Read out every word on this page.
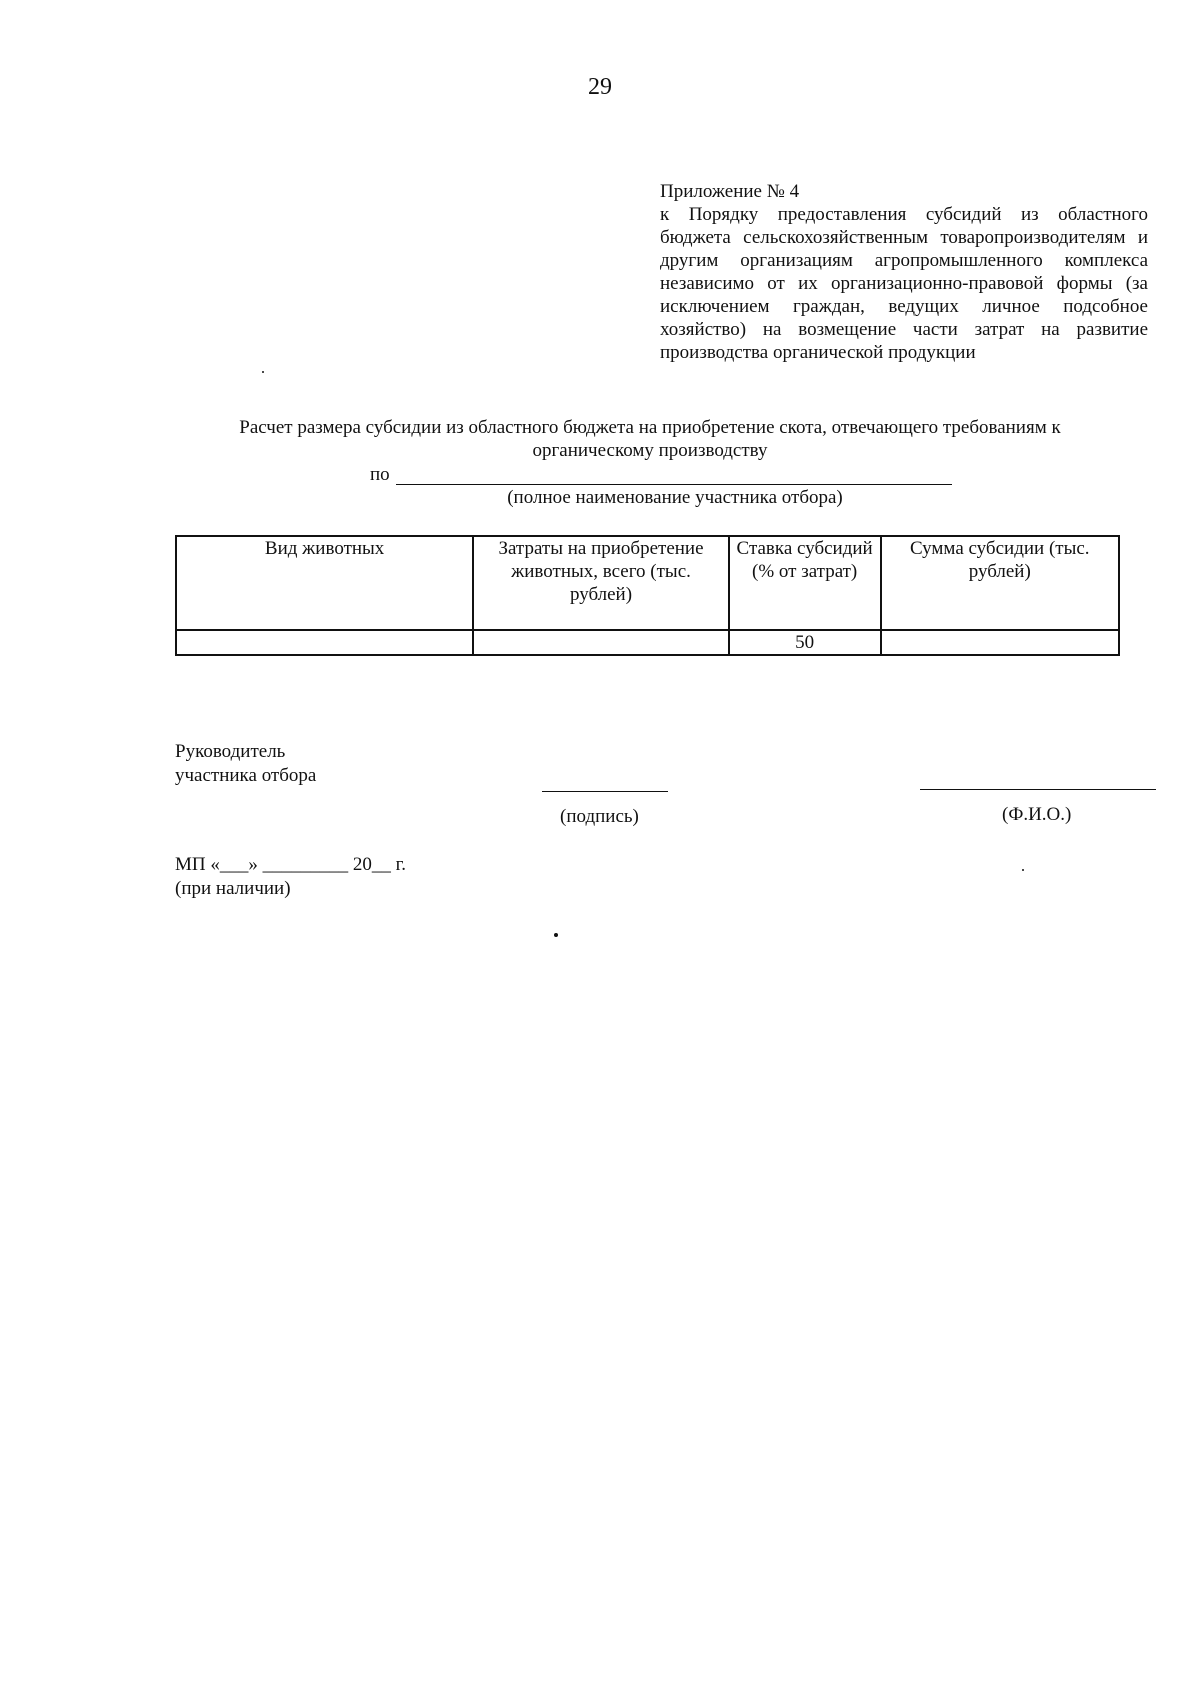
29
Приложение № 4
к Порядку предоставления субсидий из областного бюджета сельскохозяйственным товаропроизводителям и другим организациям агропромышленного комплекса независимо от их организационно-правовой формы (за исключением граждан, ведущих личное подсобное хозяйство) на возмещение части затрат на развитие производства органической продукции
Расчет размера субсидии из областного бюджета на приобретение скота, отвечающего требованиям к
органическому производству
по
(полное наименование участника отбора)
Вид животных	Затраты на приобретение животных, всего (тыс. рублей)	Ставка субсидий (% от затрат)	Сумма субсидии (тыс. рублей)
		50	
Руководитель
участника отбора
(подпись)	(Ф.И.О.)
МП «___» _________ 20__ г.
(при наличии)
